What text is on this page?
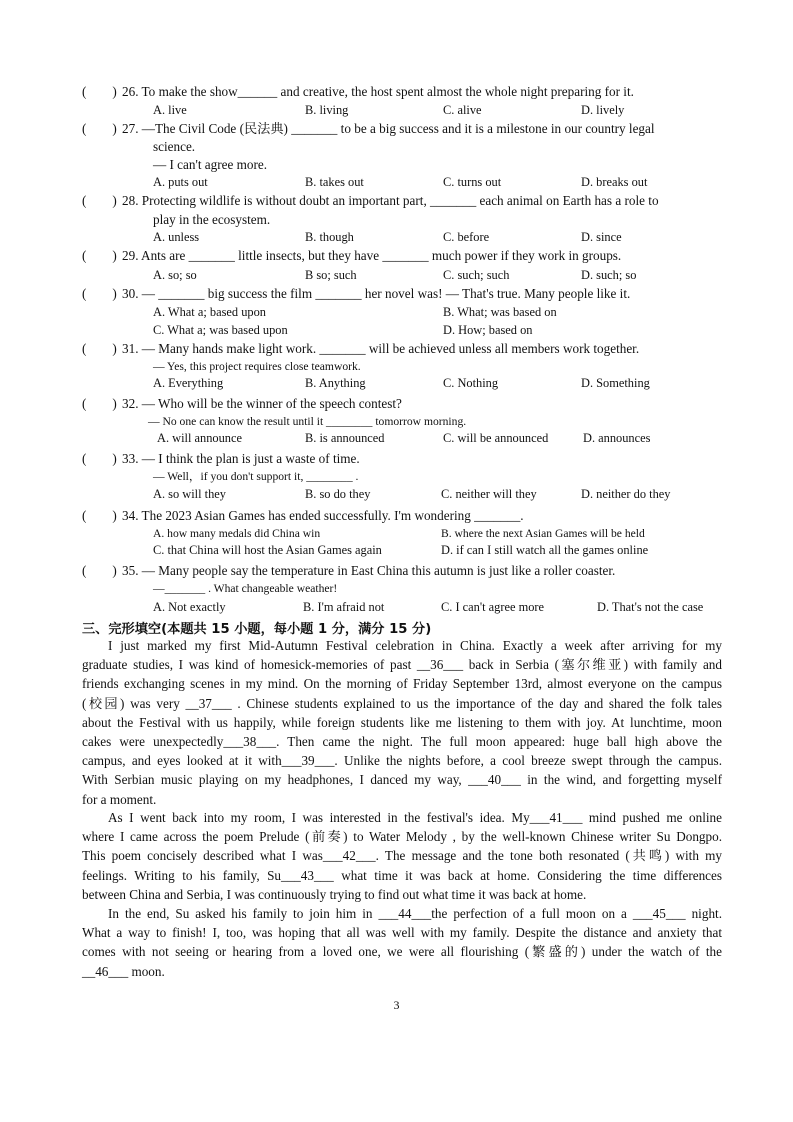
( ) 26. To make the show______ and creative, the host spent almost the whole night preparing for it.
A. live	B. living	C. alive	D. lively
( ) 27. —The Civil Code (民法典) _______ to be a big success and it is a milestone in our country legal
science.
— I can't agree more.
A. puts out	B. takes out	C. turns out	D. breaks out
( ) 28. Protecting wildlife is without doubt an important part, _______ each animal on Earth has a role to
play in the ecosystem.
A. unless	B. though	C. before	D. since
( ) 29. Ants are _______ little insects, but they have _______ much power if they work in groups.
A. so; so	B so; such	C. such; such	D. such; so
( ) 30. — _______ big success the film _______ her novel was! — That's true. Many people like it.
A. What a; based upon	B. What; was based on
C. What a; was based upon	D. How; based on
( ) 31. — Many hands make light work. _______ will be achieved unless all members work together.
— Yes, this project requires close teamwork.
A. Everything	B. Anything	C. Nothing	D. Something
( ) 32. — Who will be the winner of the speech contest?
— No one can know the result until it ________ tomorrow morning.
A. will announce	B. is announced	C. will be announced	D. announces
( ) 33. — I think the plan is just a waste of time.
— Well，if you don't support it, ________ .
A. so will they	B. so do they	C. neither will they	D. neither do they
( ) 34. The 2023 Asian Games has ended successfully. I'm wondering _______.
A. how many medals did China win	B. where the next Asian Games will be held
C. that China will host the Asian Games again	D. if can I still watch all the games online
( ) 35. — Many people say the temperature in East China this autumn is just like a roller coaster.
—_______ . What changeable weather!
A. Not exactly	B. I'm afraid not	C. I can't agree more	D. That's not the case
三、完形填空(本题共 15 小题，每小题 1 分，满分 15 分)
I just marked my first Mid-Autumn Festival celebration in China. Exactly a week after arriving for my
graduate studies, I was kind of homesick-memories of past __36___ back in Serbia (塞尔维亚) with family and
friends exchanging scenes in my mind. On the morning of Friday September 13rd, almost everyone on the campus
(校园) was very __37___ . Chinese students explained to us the importance of the day and shared the folk tales
about the Festival with us happily, while foreign students like me listening to them with joy. At lunchtime, moon
cakes were unexpectedly___38___. Then came the night. The full moon appeared: huge ball high above the
campus, and eyes looked at it with___39___. Unlike the nights before, a cool breeze swept through the campus.
With Serbian music playing on my headphones, I danced my way, ___40___ in the wind, and forgetting myself
for a moment.
As I went back into my room, I was interested in the festival's idea. My___41___ mind pushed me online
where I came across the poem Prelude (前奏) to Water Melody , by the well-known Chinese writer Su Dongpo.
This poem concisely described what I was___42___. The message and the tone both resonated (共鸣) with my
feelings. Writing to his family, Su___43___ what time it was back at home. Considering the time differences
between China and Serbia, I was continuously trying to find out what time it was back at home.
In the end, Su asked his family to join him in ___44___the perfection of a full moon on a ___45___ night.
What a way to finish! I, too, was hoping that all was well with my family. Despite the distance and anxiety that
comes with not seeing or hearing from a loved one, we were all flourishing (繁盛的) under the watch of the
__46___ moon.
3
